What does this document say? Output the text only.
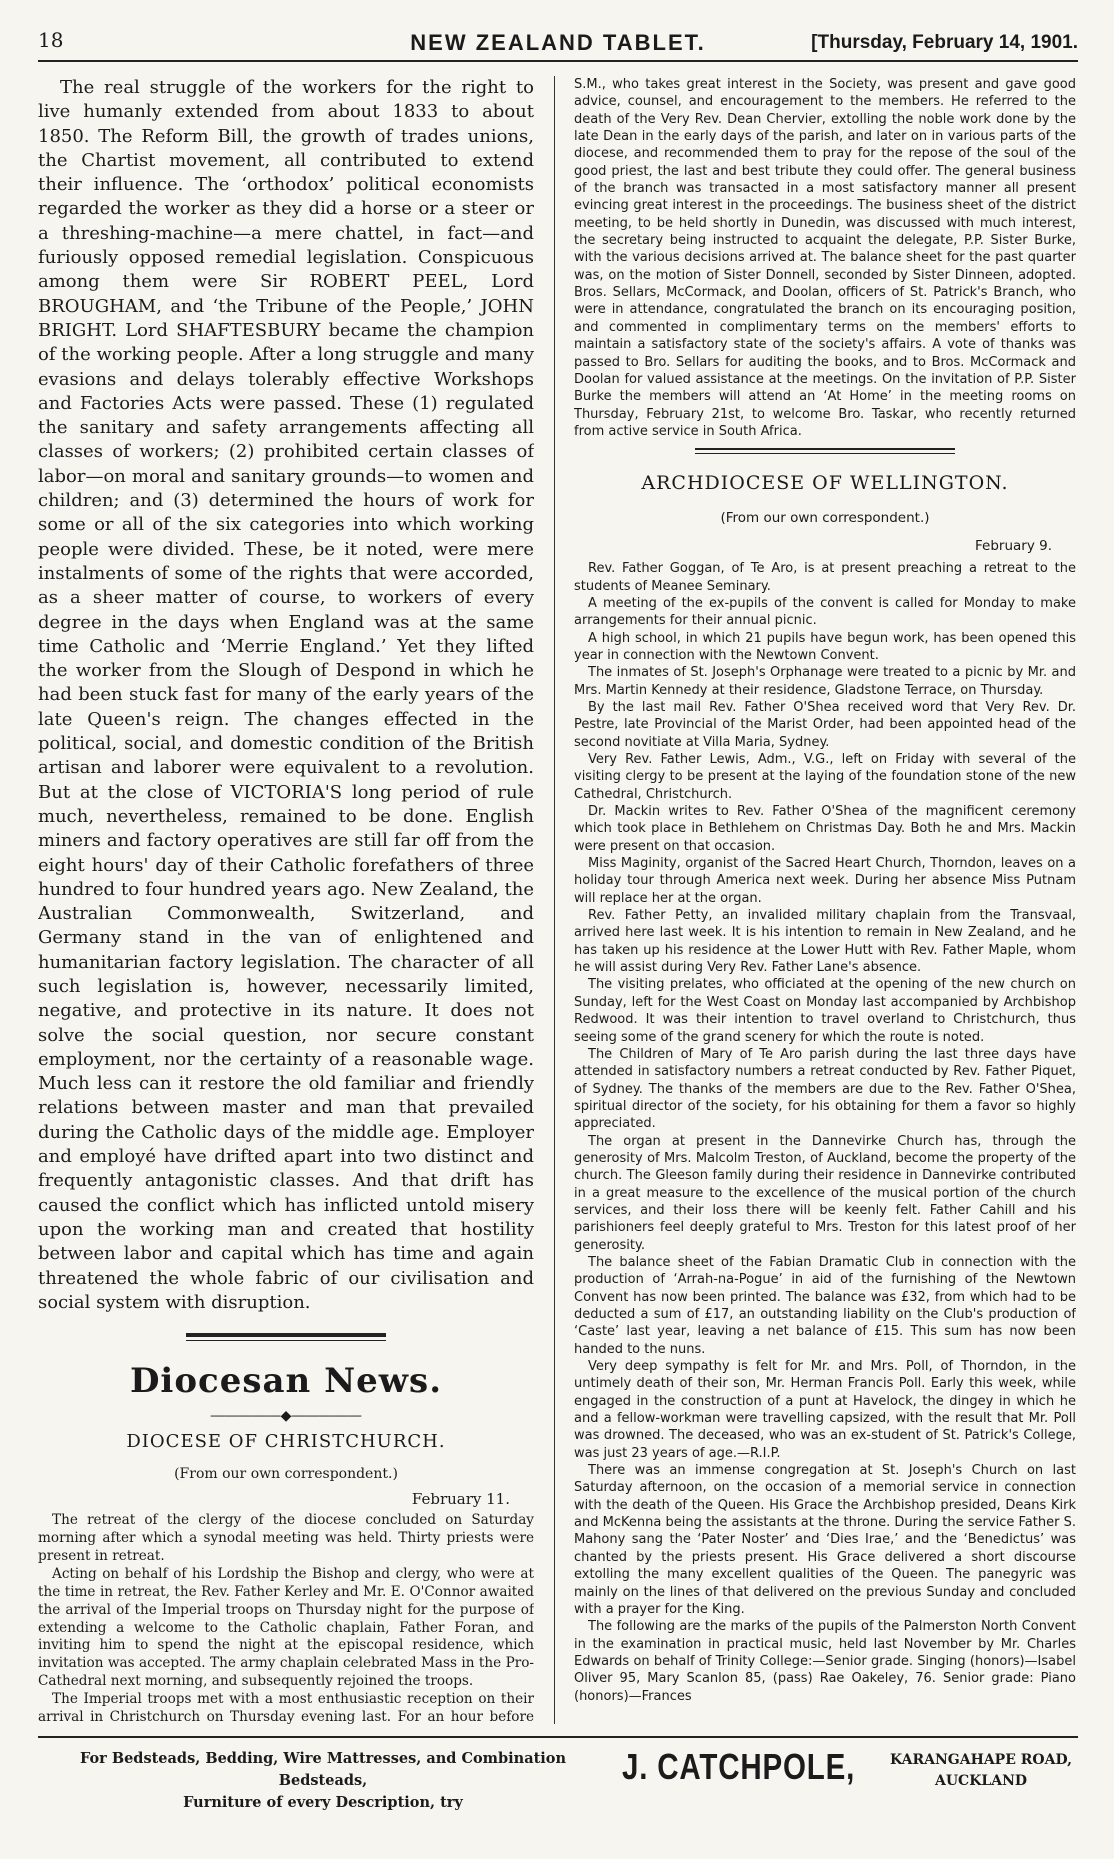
18	NEW ZEALAND TABLET.	[Thursday, February 14, 1901.

The real struggle of the workers for the right to live humanly extended from about 1833 to about 1850. The Reform Bill, the growth of trades unions, the Chartist movement, all contributed to extend their influence. The ‘orthodox’ political economists regarded the worker as they did a horse or a steer or a threshing-machine—a mere chattel, in fact—and furiously opposed remedial legislation. Conspicuous among them were Sir ROBERT PEEL, Lord BROUGHAM, and ‘the Tribune of the People,’ JOHN BRIGHT. Lord SHAFTESBURY became the champion of the working people. After a long struggle and many evasions and delays tolerably effective Workshops and Factories Acts were passed. These (1) regulated the sanitary and safety arrangements affecting all classes of workers; (2) prohibited certain classes of labor—on moral and sanitary grounds—to women and children; and (3) determined the hours of work for some or all of the six categories into which working people were divided. These, be it noted, were mere instalments of some of the rights that were accorded, as a sheer matter of course, to workers of every degree in the days when England was at the same time Catholic and ‘Merrie England.’ Yet they lifted the worker from the Slough of Despond in which he had been stuck fast for many of the early years of the late Queen's reign. The changes effected in the political, social, and domestic condition of the British artisan and laborer were equivalent to a revolution. But at the close of VICTORIA'S long period of rule much, nevertheless, remained to be done. English miners and factory operatives are still far off from the eight hours' day of their Catholic forefathers of three hundred to four hundred years ago. New Zealand, the Australian Commonwealth, Switzerland, and Germany stand in the van of enlightened and humanitarian factory legislation. The character of all such legislation is, however, necessarily limited, negative, and protective in its nature. It does not solve the social question, nor secure constant employment, nor the certainty of a reasonable wage. Much less can it restore the old familiar and friendly relations between master and man that prevailed during the Catholic days of the middle age. Employer and employé have drifted apart into two distinct and frequently antagonistic classes. And that drift has caused the conflict which has inflicted untold misery upon the working man and created that hostility between labor and capital which has time and again threatened the whole fabric of our civilisation and social system with disruption.

Diocesan News.
―――――◆―――――
DIOCESE OF CHRISTCHURCH.
(From our own correspondent.)
February 11.

The retreat of the clergy of the diocese concluded on Saturday morning after which a synodal meeting was held. Thirty priests were present in retreat.

Acting on behalf of his Lordship the Bishop and clergy, who were at the time in retreat, the Rev. Father Kerley and Mr. E. O'Connor awaited the arrival of the Imperial troops on Thursday night for the purpose of extending a welcome to the Catholic chaplain, Father Foran, and inviting him to spend the night at the episcopal residence, which invitation was accepted. The army chaplain celebrated Mass in the Pro-Cathedral next morning, and subsequently rejoined the troops.

The Imperial troops met with a most enthusiastic reception on their arrival in Christchurch on Thursday evening last. For an hour before

S.M., who takes great interest in the Society, was present and gave good advice, counsel, and encouragement to the members. He referred to the death of the Very Rev. Dean Chervier, extolling the noble work done by the late Dean in the early days of the parish, and later on in various parts of the diocese, and recommended them to pray for the repose of the soul of the good priest, the last and best tribute they could offer. The general business of the branch was transacted in a most satisfactory manner all present evincing great interest in the proceedings. The business sheet of the district meeting, to be held shortly in Dunedin, was discussed with much interest, the secretary being instructed to acquaint the delegate, P.P. Sister Burke, with the various decisions arrived at. The balance sheet for the past quarter was, on the motion of Sister Donnell, seconded by Sister Dinneen, adopted. Bros. Sellars, McCormack, and Doolan, officers of St. Patrick's Branch, who were in attendance, congratulated the branch on its encouraging position, and commented in complimentary terms on the members' efforts to maintain a satisfactory state of the society's affairs. A vote of thanks was passed to Bro. Sellars for auditing the books, and to Bros. McCormack and Doolan for valued assistance at the meetings. On the invitation of P.P. Sister Burke the members will attend an ‘At Home’ in the meeting rooms on Thursday, February 21st, to welcome Bro. Taskar, who recently returned from active service in South Africa.

ARCHDIOCESE OF WELLINGTON.
(From our own correspondent.)
February 9.

Rev. Father Goggan, of Te Aro, is at present preaching a retreat to the students of Meanee Seminary.

A meeting of the ex-pupils of the convent is called for Monday to make arrangements for their annual picnic.

A high school, in which 21 pupils have begun work, has been opened this year in connection with the Newtown Convent.

The inmates of St. Joseph's Orphanage were treated to a picnic by Mr. and Mrs. Martin Kennedy at their residence, Gladstone Terrace, on Thursday.

By the last mail Rev. Father O'Shea received word that Very Rev. Dr. Pestre, late Provincial of the Marist Order, had been appointed head of the second novitiate at Villa Maria, Sydney.

Very Rev. Father Lewis, Adm., V.G., left on Friday with several of the visiting clergy to be present at the laying of the foundation stone of the new Cathedral, Christchurch.

Dr. Mackin writes to Rev. Father O'Shea of the magnificent ceremony which took place in Bethlehem on Christmas Day. Both he and Mrs. Mackin were present on that occasion.

Miss Maginity, organist of the Sacred Heart Church, Thorndon, leaves on a holiday tour through America next week. During her absence Miss Putnam will replace her at the organ.

Rev. Father Petty, an invalided military chaplain from the Transvaal, arrived here last week. It is his intention to remain in New Zealand, and he has taken up his residence at the Lower Hutt with Rev. Father Maple, whom he will assist during Very Rev. Father Lane's absence.

The visiting prelates, who officiated at the opening of the new church on Sunday, left for the West Coast on Monday last accompanied by Archbishop Redwood. It was their intention to travel overland to Christchurch, thus seeing some of the grand scenery for which the route is noted.

The Children of Mary of Te Aro parish during the last three days have attended in satisfactory numbers a retreat conducted by Rev. Father Piquet, of Sydney. The thanks of the members are due to the Rev. Father O'Shea, spiritual director of the society, for his obtaining for them a favor so highly appreciated.

The organ at present in the Dannevirke Church has, through the generosity of Mrs. Malcolm Treston, of Auckland, become the property of the church. The Gleeson family during their residence in Dannevirke contributed in a great measure to the excellence of the musical portion of the church services, and their loss there will be keenly felt. Father Cahill and his parishioners feel deeply grateful to Mrs. Treston for this latest proof of her generosity.

The balance sheet of the Fabian Dramatic Club in connection with the production of ‘Arrah-na-Pogue’ in aid of the furnishing of the Newtown Convent has now been printed. The balance was £32, from which had to be deducted a sum of £17, an outstanding liability on the Club's production of ‘Caste’ last year, leaving a net balance of £15. This sum has now been handed to the nuns.

Very deep sympathy is felt for Mr. and Mrs. Poll, of Thorndon, in the untimely death of their son, Mr. Herman Francis Poll. Early this week, while engaged in the construction of a punt at Havelock, the dingey in which he and a fellow-workman were travelling capsized, with the result that Mr. Poll was drowned. The deceased, who was an ex-student of St. Patrick's College, was just 23 years of age.—R.I.P.

There was an immense congregation at St. Joseph's Church on last Saturday afternoon, on the occasion of a memorial service in connection with the death of the Queen. His Grace the Archbishop presided, Deans Kirk and McKenna being the assistants at the throne. During the service Father S. Mahony sang the ‘Pater Noster’ and ‘Dies Irae,’ and the ‘Benedictus’ was chanted by the priests present. His Grace delivered a short discourse extolling the many excellent qualities of the Queen. The panegyric was mainly on the lines of that delivered on the previous Sunday and concluded with a prayer for the King.

The following are the marks of the pupils of the Palmerston North Convent in the examination in practical music, held last November by Mr. Charles Edwards on behalf of Trinity College:—Senior grade. Singing (honors)—Isabel Oliver 95, Mary Scanlon 85, (pass) Rae Oakeley, 76. Senior grade: Piano (honors)—Frances

For Bedsteads, Bedding, Wire Mattresses, and Combination Bedsteads,
Furniture of every Description, try
J. CATCHPOLE, KARANGAHAPE ROAD,
AUCKLAND
